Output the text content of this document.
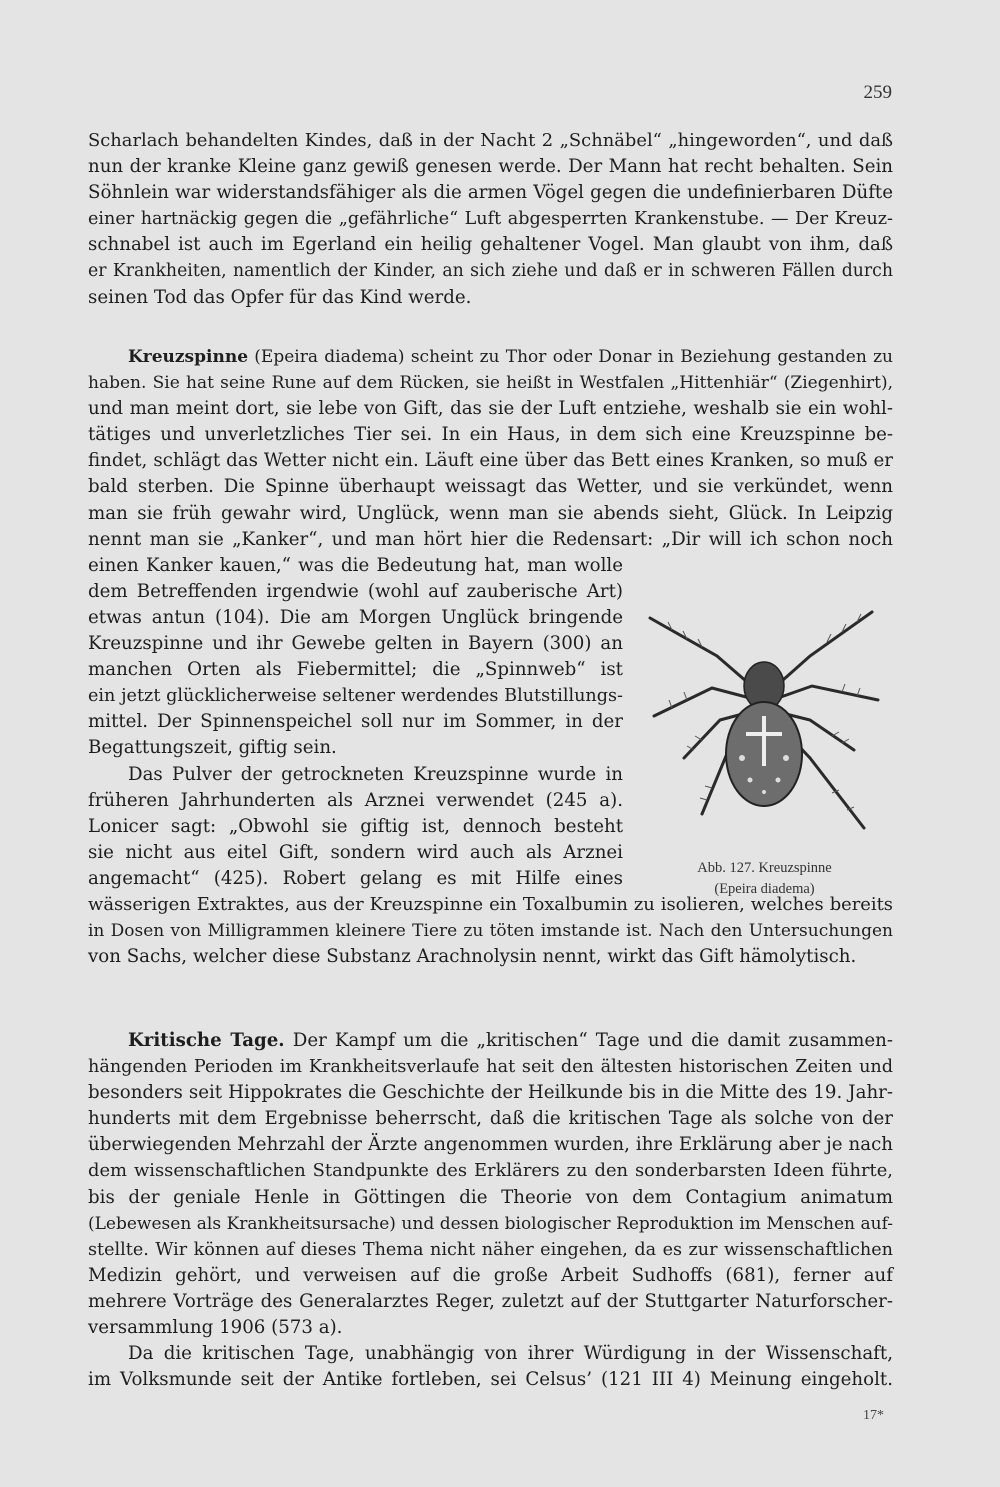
259
Scharlach behandelten Kindes, daß in der Nacht 2 „Schnäbel“ „hingeworden“, und daß
nun der kranke Kleine ganz gewiß genesen werde. Der Mann hat recht behalten. Sein
Söhnlein war widerstandsfähiger als die armen Vögel gegen die undefinierbaren Düfte
einer hartnäckig gegen die „gefährliche“ Luft abgesperrten Krankenstube. — Der Kreuz-
schnabel ist auch im Egerland ein heilig gehaltener Vogel. Man glaubt von ihm, daß
er Krankheiten, namentlich der Kinder, an sich ziehe und daß er in schweren Fällen durch
seinen Tod das Opfer für das Kind werde.
Kreuzspinne (Epeira diadema) scheint zu Thor oder Donar in Beziehung gestanden zu
haben. Sie hat seine Rune auf dem Rücken, sie heißt in Westfalen „Hittenhiär“ (Ziegenhirt),
und man meint dort, sie lebe von Gift, das sie der Luft entziehe, weshalb sie ein wohl-
tätiges und unverletzliches Tier sei. In ein Haus, in dem sich eine Kreuzspinne be-
findet, schlägt das Wetter nicht ein. Läuft eine über das Bett eines Kranken, so muß er
bald sterben. Die Spinne überhaupt weissagt das Wetter, und sie verkündet, wenn
man sie früh gewahr wird, Unglück, wenn man sie abends sieht, Glück. In Leipzig
nennt man sie „Kanker“, und man hört hier die Redensart: „Dir will ich schon noch
einen Kanker kauen,“ was die Bedeutung hat, man wolle
dem Betreffenden irgendwie (wohl auf zauberische Art)
etwas antun (104). Die am Morgen Unglück bringende
Kreuzspinne und ihr Gewebe gelten in Bayern (300) an
manchen Orten als Fiebermittel; die „Spinnweb“ ist
ein jetzt glücklicherweise seltener werdendes Blutstillungs-
mittel. Der Spinnenspeichel soll nur im Sommer, in der
Begattungszeit, giftig sein.
Das Pulver der getrockneten Kreuzspinne wurde in
früheren Jahrhunderten als Arznei verwendet (245 a).
Lonicer sagt: „Obwohl sie giftig ist, dennoch besteht
sie nicht aus eitel Gift, sondern wird auch als Arznei
angemacht“ (425). Robert gelang es mit Hilfe eines
wässerigen Extraktes, aus der Kreuzspinne ein Toxalbumin zu isolieren, welches bereits
in Dosen von Milligrammen kleinere Tiere zu töten imstande ist. Nach den Untersuchungen
von Sachs, welcher diese Substanz Arachnolysin nennt, wirkt das Gift hämolytisch.
Abb. 127. Kreuzspinne
(Epeira diadema)
Kritische Tage. Der Kampf um die „kritischen“ Tage und die damit zusammen-
hängenden Perioden im Krankheitsverlaufe hat seit den ältesten historischen Zeiten und
besonders seit Hippokrates die Geschichte der Heilkunde bis in die Mitte des 19. Jahr-
hunderts mit dem Ergebnisse beherrscht, daß die kritischen Tage als solche von der
überwiegenden Mehrzahl der Ärzte angenommen wurden, ihre Erklärung aber je nach
dem wissenschaftlichen Standpunkte des Erklärers zu den sonderbarsten Ideen führte,
bis der geniale Henle in Göttingen die Theorie von dem Contagium animatum
(Lebewesen als Krankheitsursache) und dessen biologischer Reproduktion im Menschen auf-
stellte. Wir können auf dieses Thema nicht näher eingehen, da es zur wissenschaftlichen
Medizin gehört, und verweisen auf die große Arbeit Sudhoffs (681), ferner auf
mehrere Vorträge des Generalarztes Reger, zuletzt auf der Stuttgarter Naturforscher-
versammlung 1906 (573 a).
Da die kritischen Tage, unabhängig von ihrer Würdigung in der Wissenschaft,
im Volksmunde seit der Antike fortleben, sei Celsus’ (121 III 4) Meinung eingeholt.
17*
